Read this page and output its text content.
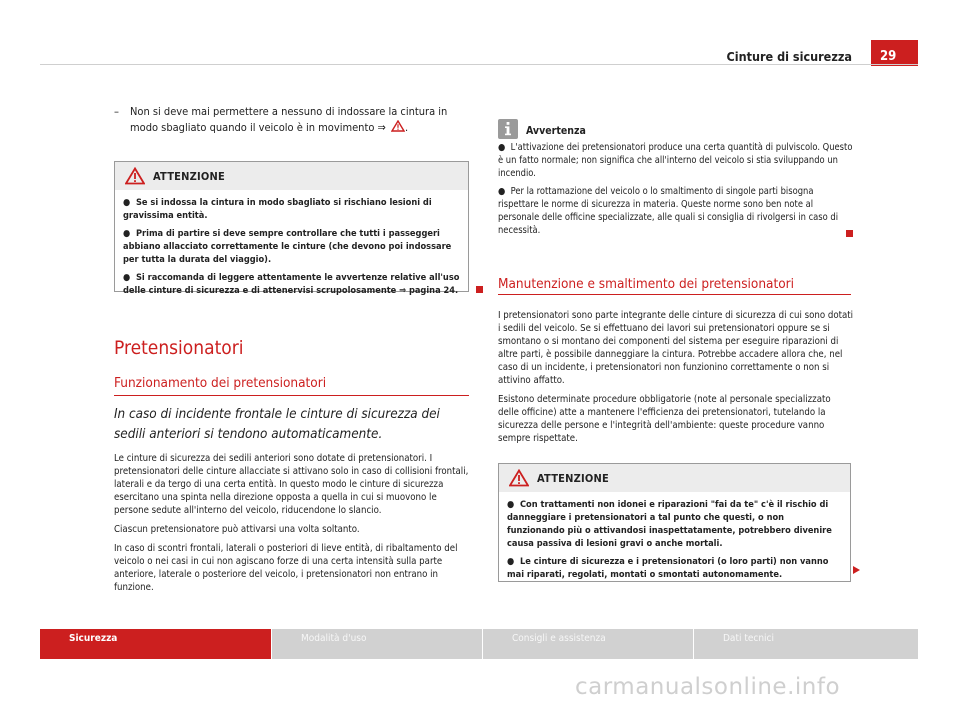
Cinture di sicurezza	29
– Non si deve mai permettere a nessuno di indossare la cintura in modo sbagliato quando il veicolo è in movimento ⇒ .
ATTENZIONE

● Se si indossa la cintura in modo sbagliato si rischiano lesioni di gravissima entità.

● Prima di partire si deve sempre controllare che tutti i passeggeri abbiano allacciato correttamente le cinture (che devono poi indossare per tutta la durata del viaggio).

● Si raccomanda di leggere attentamente le avvertenze relative all'uso delle cinture di sicurezza e di attenervisi scrupolosamente ⇒ pagina 24.

Pretensionatori
Funzionamento dei pretensionatori
In caso di incidente frontale le cinture di sicurezza dei sedili anteriori si tendono automaticamente.

Le cinture di sicurezza dei sedili anteriori sono dotate di pretensionatori. I pretensionatori delle cinture allacciate si attivano solo in caso di collisioni frontali, laterali e da tergo di una certa entità. In questo modo le cinture di sicurezza esercitano una spinta nella direzione opposta a quella in cui si muovono le persone sedute all'interno del veicolo, riducendone lo slancio.

Ciascun pretensionatore può attivarsi una volta soltanto.

In caso di scontri frontali, laterali o posteriori di lieve entità, di ribaltamento del veicolo o nei casi in cui non agiscano forze di una certa intensità sulla parte anteriore, laterale o posteriore del veicolo, i pretensionatori non entrano in funzione.

Avvertenza

● L'attivazione dei pretensionatori produce una certa quantità di pulviscolo. Questo è un fatto normale; non significa che all'interno del veicolo si stia sviluppando un incendio.

● Per la rottamazione del veicolo o lo smaltimento di singole parti bisogna rispettare le norme di sicurezza in materia. Queste norme sono ben note al personale delle officine specializzate, alle quali si consiglia di rivolgersi in caso di necessità.

Manutenzione e smaltimento dei pretensionatori

I pretensionatori sono parte integrante delle cinture di sicurezza di cui sono dotati i sedili del veicolo. Se si effettuano dei lavori sui pretensionatori oppure se si smontano o si montano dei componenti del sistema per eseguire riparazioni di altre parti, è possibile danneggiare la cintura. Potrebbe accadere allora che, nel caso di un incidente, i pretensionatori non funzionino correttamente o non si attivino affatto.

Esistono determinate procedure obbligatorie (note al personale specializzato delle officine) atte a mantenere l'efficienza dei pretensionatori, tutelando la sicurezza delle persone e l'integrità dell'ambiente: queste procedure vanno sempre rispettate.

ATTENZIONE

● Con trattamenti non idonei e riparazioni "fai da te" c'è il rischio di danneggiare i pretensionatori a tal punto che questi, o non funzionando più o attivandosi inaspettatamente, potrebbero divenire causa passiva di lesioni gravi o anche mortali.

● Le cinture di sicurezza e i pretensionatori (o loro parti) non vanno mai riparati, regolati, montati o smontati autonomamente.

Sicurezza	Modalità d'uso	Consigli e assistenza	Dati tecnici
carmanualsonline.info
